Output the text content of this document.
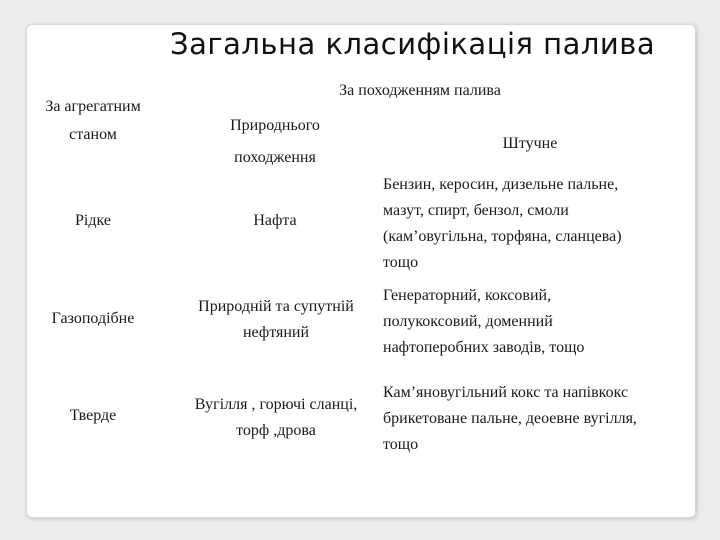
Загальна класифікація палива
За походженням палива
За агрегатним
станом
Природнього
походження
Штучне
Рідке	Нафта
Бензин, керосин, дизельне пальне,
мазут, спирт, бензол, смоли
(кам’овугільна, торфяна, сланцева)
тощо
Газоподібне
Природній та супутній
нефтяний
Генераторний, коксовий,
полукоксовий, доменний
нафтоперобних заводів, тощо
Тверде
Вугілля , горючі сланці,
торф ,дрова
Кам’яновугільний кокс та напівкокс
брикетоване пальне, деоевне вугілля,
тощо
